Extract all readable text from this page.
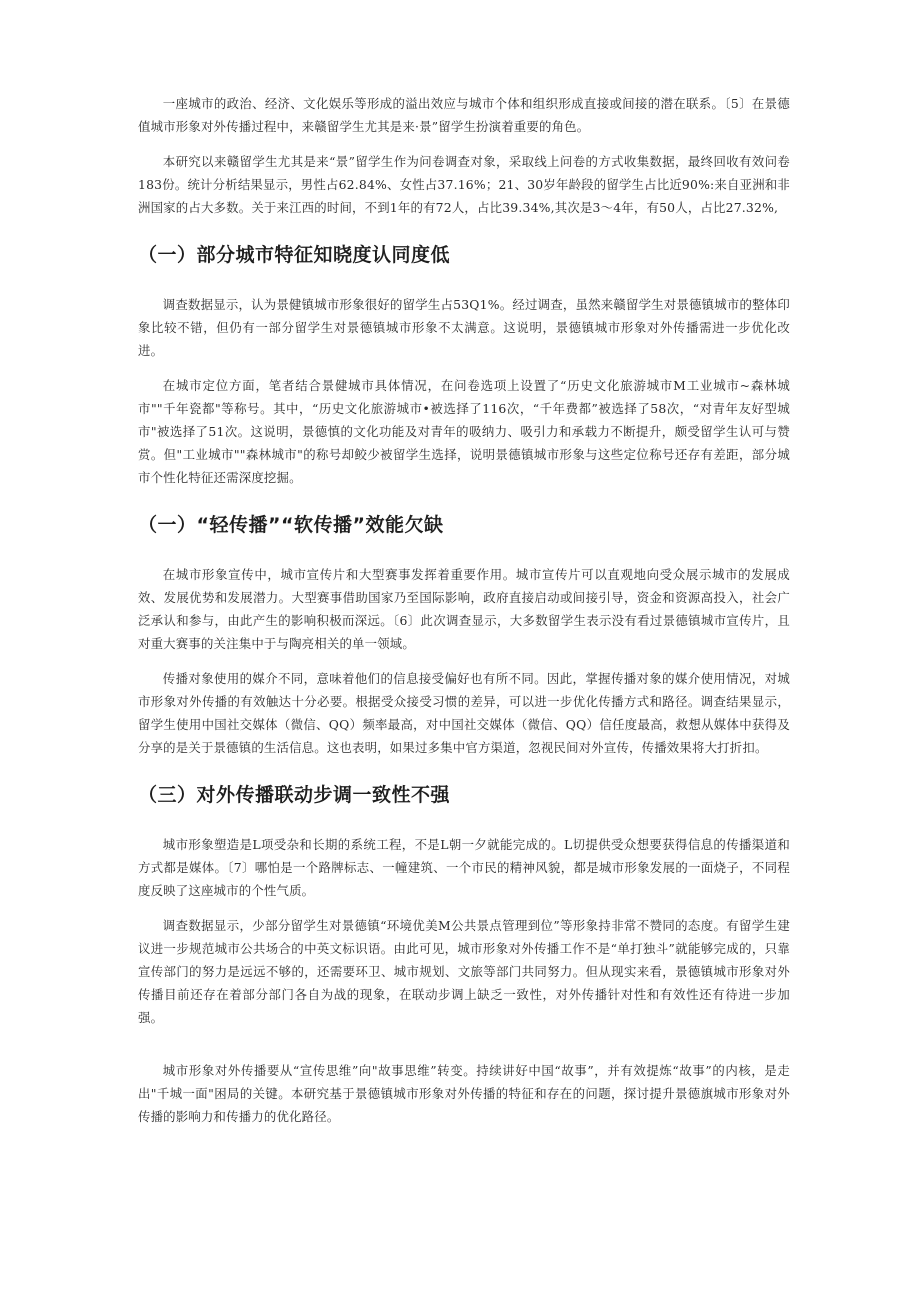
一座城市的政治、经济、文化娱乐等形成的溢出效应与城市个体和组织形成直接或间接的潜在联系。〔5〕在景德值城市形象对外传播过程中，来赣留学生尤其是来·景”留学生扮演着重要的角色。

本研究以来赣留学生尤其是来“景”留学生作为问卷调查对象，采取线上问卷的方式收集数据，最终回收有效问卷183份。统计分析结果显示，男性占62.84%、女性占37.16%；21、30岁年龄段的留学生占比近90%:来自亚洲和非洲国家的占大多数。关于来江西的时间，不到1年的有72人，占比39.34%,其次是3～4年，有50人，占比27.32%,

（一）部分城市特征知晓度认同度低

调查数据显示，认为景健镇城市形象很好的留学生占53Q1%。经过调查，虽然来赣留学生对景德镇城市的整体印象比较不错，但仍有一部分留学生对景德镇城市形象不太满意。这说明，景德镇城市形象对外传播需进一步优化改进。

在城市定位方面，笔者结合景健城市具体情况，在问卷选项上设置了“历史文化旅游城市M工业城市~森林城市""千年瓷都"等称号。其中，“历史文化旅游城市•被选择了116次，“千年费都”被选择了58次，“对青年友好型城市"被选择了51次。这说明，景德慎的文化功能及对青年的吸纳力、吸引力和承载力不断提升，颇受留学生认可与赞赏。但"工业城市""森林城市"的称号却鲛少被留学生选择，说明景德镇城市形象与这些定位称号还存有差距，部分城市个性化特征还需深度挖掘。

（一）“轻传播”“软传播”效能欠缺

在城市形象宣传中，城市宣传片和大型赛事发挥着重要作用。城市宣传片可以直观地向受众展示城市的发展成效、发展优势和发展潜力。大型赛事借助国家乃至国际影响，政府直接启动或间接引导，资金和资源高投入，社会广泛承认和参与，由此产生的影响积极而深远。〔6〕此次调查显示，大多数留学生表示没有看过景德镇城市宣传片，且对重大赛事的关注集中于与陶亮相关的单一领域。

传播对象使用的媒介不同，意味着他们的信息接受偏好也有所不同。因此，掌握传播对象的媒介使用情况，对城市形象对外传播的有效触达十分必要。根据受众接受习惯的差异，可以进一步优化传播方式和路径。调查结果显示，留学生使用中国社交媒体（微信、QQ）频率最高，对中国社交媒体（微信、QQ）信任度最高，救想从媒体中获得及分享的是关于景德镇的生活信息。这也表明，如果过多集中官方渠道，忽视民间对外宣传，传播效果将大打折扣。

（三）对外传播联动步调一致性不强

城市形象塑造是L项受杂和长期的系统工程，不是L朝一夕就能完成的。L切提供受众想要获得信息的传播渠道和方式都是媒体。〔7〕哪怕是一个路牌标志、一幢建筑、一个市民的精神风貌，都是城市形象发展的一面烧子，不同程度反映了这座城市的个性气质。

调查数据显示，少部分留学生对景德镇“环境优美M公共景点管理到位”等形象持非常不赞同的态度。有留学生建议进一步规范城市公共场合的中英文标识语。由此可见，城市形象对外传播工作不是“单打独斗”就能够完成的，只靠宣传部门的努力是远远不够的，还需要环卫、城市规划、文旅等部门共同努力。但从现实来看，景德镇城市形象对外传播目前还存在着部分部门各自为战的现象，在联动步调上缺乏一致性，对外传播针对性和有效性还有待进一步加强。

城市形象对外传播要从“宣传思维”向"故事思维”转变。持续讲好中国“故事”，并有效提炼“故事”的内核，是走出"千城一面"困局的关键。本研究基于景德镇城市形象对外传播的特征和存在的问题，探讨提升景德旗城市形象对外传播的影响力和传播力的优化路径。
